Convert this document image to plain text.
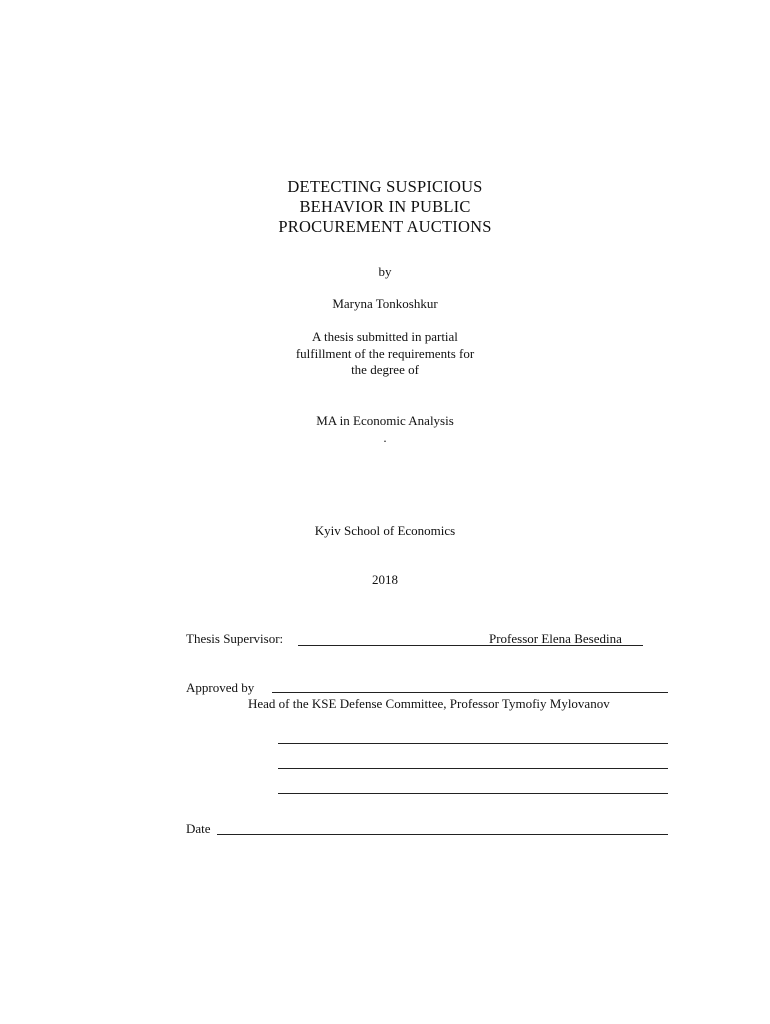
DETECTING SUSPICIOUS
BEHAVIOR IN PUBLIC
PROCUREMENT AUCTIONS
by
Maryna Tonkoshkur
A thesis submitted in partial
fulfillment of the requirements for
the degree of
MA in Economic Analysis
.
Kyiv School of Economics
2018
Thesis Supervisor:	Professor Elena Besedina
Approved by
Head of the KSE Defense Committee, Professor Tymofiy Mylovanov
Date
